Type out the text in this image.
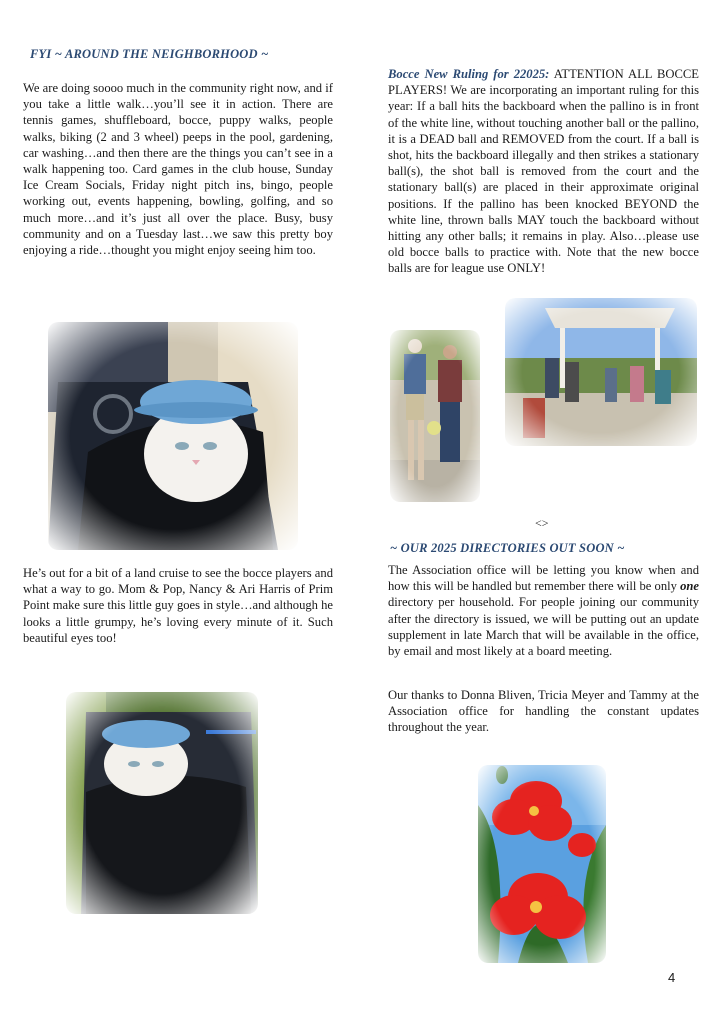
FYI ~ AROUND THE NEIGHBORHOOD ~

We are doing soooo much in the community right now, and if you take a little walk…you’ll see it in action. There are tennis games, shuffleboard, bocce, puppy walks, people walks, biking (2 and 3 wheel) peeps in the pool, gardening, car washing…and then there are the things you can’t see in a walk happening too. Card games in the club house, Sunday Ice Cream Socials, Friday night pitch ins, bingo, people working out, events happening, bowling, golfing, and so much more…and it’s just all over the place. Busy, busy community and on a Tuesday last…we saw this pretty boy enjoying a ride…thought you might enjoy seeing him too.

He’s out for a bit of a land cruise to see the bocce players and what a way to go. Mom & Pop, Nancy & Ari Harris of Prim Point make sure this little guy goes in style…and although he looks a little grumpy, he’s loving every minute of it. Such beautiful eyes too!

Bocce New Ruling for 22025: ATTENTION ALL BOCCE PLAYERS! We are incorporating an important ruling for this year: If a ball hits the backboard when the pallino is in front of the white line, without touching another ball or the pallino, it is a DEAD ball and REMOVED from the court. If a ball is shot, hits the backboard illegally and then strikes a stationary ball(s), the shot ball is removed from the court and the stationary ball(s) are placed in their approximate original positions. If the pallino has been knocked BEYOND the white line, thrown balls MAY touch the backboard without hitting any other balls; it remains in play. Also…please use old bocce balls to practice with. Note that the new bocce balls are for league use ONLY!

<>
~ OUR 2025 DIRECTORIES OUT SOON ~

The Association office will be letting you know when and how this will be handled but remember there will be only one directory per household. For people joining our community after the directory is issued, we will be putting out an update supplement in late March that will be available in the office, by email and most likely at a board meeting.

Our thanks to Donna Bliven, Tricia Meyer and Tammy at the Association office for handling the constant updates throughout the year.

4
